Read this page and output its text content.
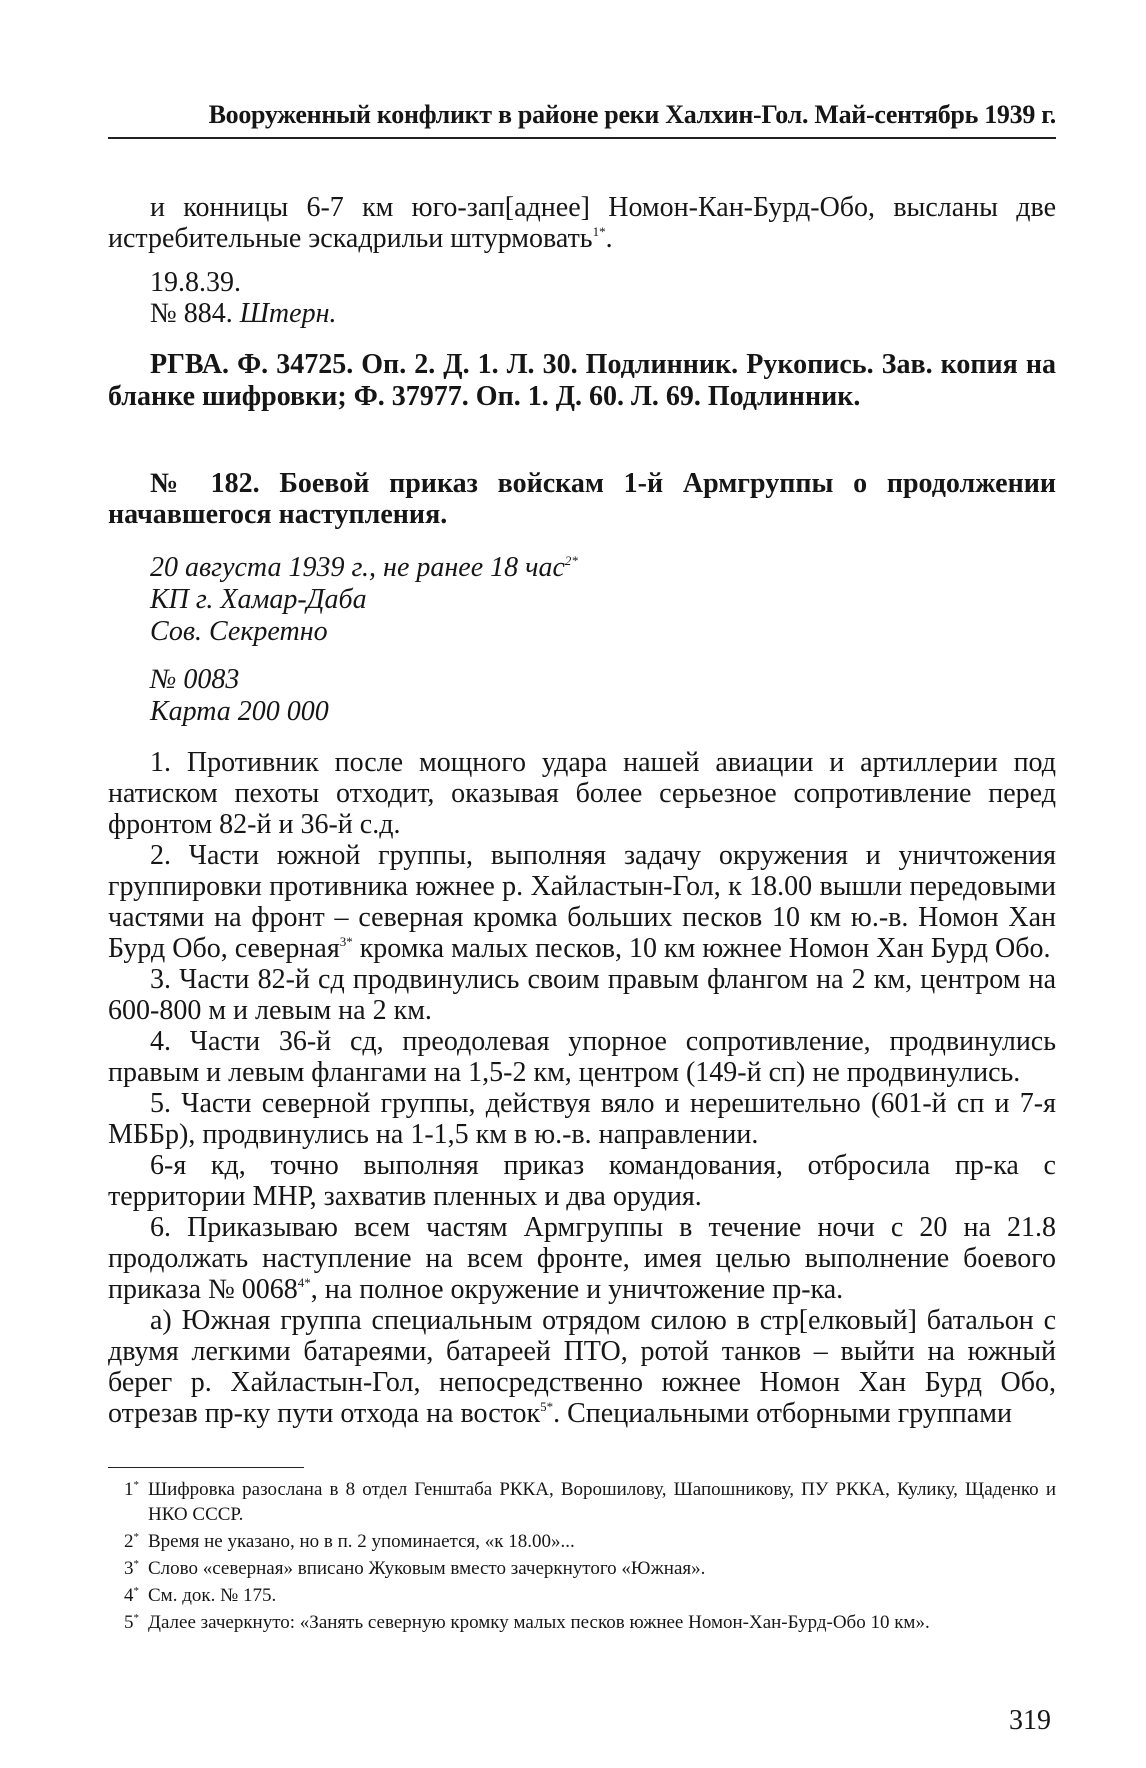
Вооруженный конфликт в районе реки Халхин-Гол. Май-сентябрь 1939 г.

и конницы 6-7 км юго-зап[аднее] Номон-Кан-Бурд-Обо, высланы две истребительные эскадрильи штурмовать$^{1*}$.

19.8.39.

№ 884. Штерн.

РГВА. Ф. 34725. Оп. 2. Д. 1. Л. 30. Подлинник. Рукопись. Зав. копия на бланке шифровки; Ф. 37977. Оп. 1. Д. 60. Л. 69. Подлинник.

№ 182. Боевой приказ войскам 1-й Армгруппы о продолжении начавшегося наступления.

20 августа 1939 г., не ранее 18 час$^{2*}$

КП г. Хамар-Даба

Сов. Секретно

№ 0083

Карта 200 000

1. Противник после мощного удара нашей авиации и артиллерии под натиском пехоты отходит, оказывая более серьезное сопротивление перед фронтом 82-й и 36-й с.д.

2. Части южной группы, выполняя задачу окружения и уничтожения группировки противника южнее р. Хайластын-Гол, к 18.00 вышли передовыми частями на фронт – северная кромка больших песков 10 км ю.-в. Номон Хан Бурд Обо, северная$^{3*}$ кромка малых песков, 10 км южнее Номон Хан Бурд Обо.

3. Части 82-й сд продвинулись своим правым флангом на 2 км, центром на 600-800 м и левым на 2 км.

4. Части 36-й сд, преодолевая упорное сопротивление, продвинулись правым и левым флангами на 1,5-2 км, центром (149-й сп) не продвинулись.

5. Части северной группы, действуя вяло и нерешительно (601-й сп и 7-я МББр), продвинулись на 1-1,5 км в ю.-в. направлении.

6-я кд, точно выполняя приказ командования, отбросила пр-ка с территории МНР, захватив пленных и два орудия.

6. Приказываю всем частям Армгруппы в течение ночи с 20 на 21.8 продолжать наступление на всем фронте, имея целью выполнение боевого приказа № $0068^{4*}$, на полное окружение и уничтожение пр-ка.

а) Южная группа специальным отрядом силою в стр[елковый] батальон с двумя легкими батареями, батареей ПТО, ротой танков – выйти на южный берег р. Хайластын-Гол, непосредственно южнее Номон Хан Бурд Обо, отрезав пр-ку пути отхода на восток$^{5*}$. Специальными отборными группами

1* Шифровка разослана в 8 отдел Генштаба РККА, Ворошилову, Шапошникову, ПУ РККА, Кулику, Щаденко и НКО СССР.
2* Время не указано, но в п. 2 упоминается, «к 18.00»...
3* Слово «северная» вписано Жуковым вместо зачеркнутого «Южная».
4* См. док. № 175.
5* Далее зачеркнуто: «Занять северную кромку малых песков южнее Номон-Хан-Бурд-Обо 10 км».
319
